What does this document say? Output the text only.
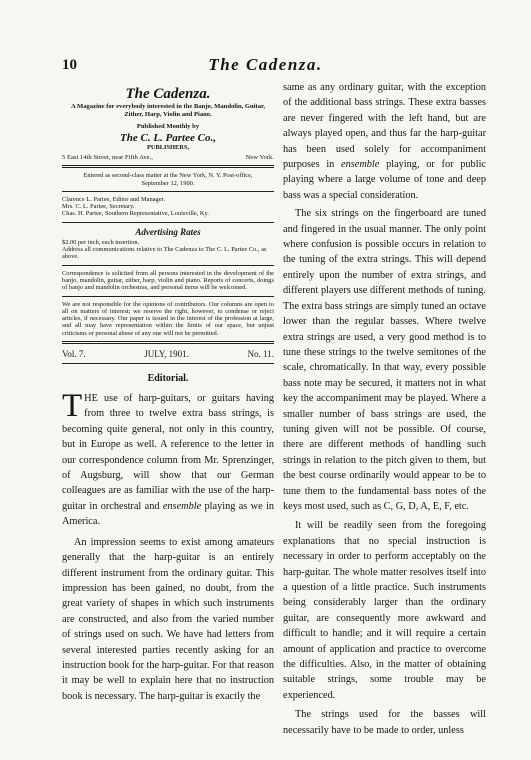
10	The Cadenza.
The Cadenza.
A Magazine for everybody interested in the Banjo, Mandolin, Guitar, Zither, Harp, Violin and Piano.
Published Monthly by
The C. L. Partee Co.,
PUBLISHERS,
5 East 14th Street, near Fifth Ave.,	New York.
Entered as second-class matter at the New York, N. Y. Post-office, September 12, 1900.
Clarence L. Partee, Editor and Manager.
Mrs. C. L. Partee, Secretary.
Chas. H. Partee, Southern Representative, Louisville, Ky.
Advertising Rates
$2.00 per inch, each insertion.
Address all communications relative to The Cadenza to The C. L. Partee Co., as above.
Correspondence is solicited from all persons interested in the development of the banjo, mandolin, guitar, zither, harp, violin and piano. Reports of concerts, doings of banjo and mandolin orchestras, and personal items will be welcomed.
We are not responsible for the opinions of contributors. Our columns are open to all on matters of interest; we reserve the right, however, to condense or reject articles, if necessary. Our paper is issued in the interest of the profession at large, and all may have representation within the limits of our space, but unjust criticisms or personal abuse of any one will not be permitted.
Vol. 7.	JULY, 1901.	No. 11.
Editorial.

THE use of harp-guitars, or guitars having from three to twelve extra bass strings, is becoming quite general, not only in this country, but in Europe as well. A reference to the letter in our correspondence column from Mr. Sprenzinger, of Augsburg, will show that our German colleagues are as familiar with the use of the harp-guitar in orchestral and ensemble playing as we in America.

An impression seems to exist among amateurs generally that the harp-guitar is an entirely different instrument from the ordinary guitar. This impression has been gained, no doubt, from the great variety of shapes in which such instruments are constructed, and also from the varied number of strings used on such. We have had letters from several interested parties recently asking for an instruction book for the harp-guitar. For that reason it may be well to explain here that no instruction book is necessary. The harp-guitar is exactly the

same as any ordinary guitar, with the exception of the additional bass strings. These extra basses are never fingered with the left hand, but are always played open, and thus far the harp-guitar has been used solely for accompaniment purposes in ensemble playing, or for public playing where a large volume of tone and deep bass was a special consideration.

The six strings on the fingerboard are tuned and fingered in the usual manner. The only point where confusion is possible occurs in relation to the tuning of the extra strings. This will depend entirely upon the number of extra strings, and different players use different methods of tuning. The extra bass strings are simply tuned an octave lower than the regular basses. Where twelve extra strings are used, a very good method is to tune these strings to the twelve semitones of the scale, chromatically. In that way, every possible bass note may be secured, it matters not in what key the accompaniment may be played. Where a smaller number of bass strings are used, the tuning given will not be possible. Of course, there are different methods of handling such strings in relation to the pitch given to them, but the best course ordinarily would appear to be to tune them to the fundamental bass notes of the keys most used, such as C, G, D, A, E, F, etc.

It will be readily seen from the foregoing explanations that no special instruction is necessary in order to perform acceptably on the harp-guitar. The whole matter resolves itself into a question of a little practice. Such instruments being considerably larger than the ordinary guitar, are consequently more awkward and difficult to handle; and it will require a certain amount of application and practice to overcome the difficulties. Also, in the matter of obtaining suitable strings, some trouble may be experienced.

The strings used for the basses will necessarily have to be made to order, unless
